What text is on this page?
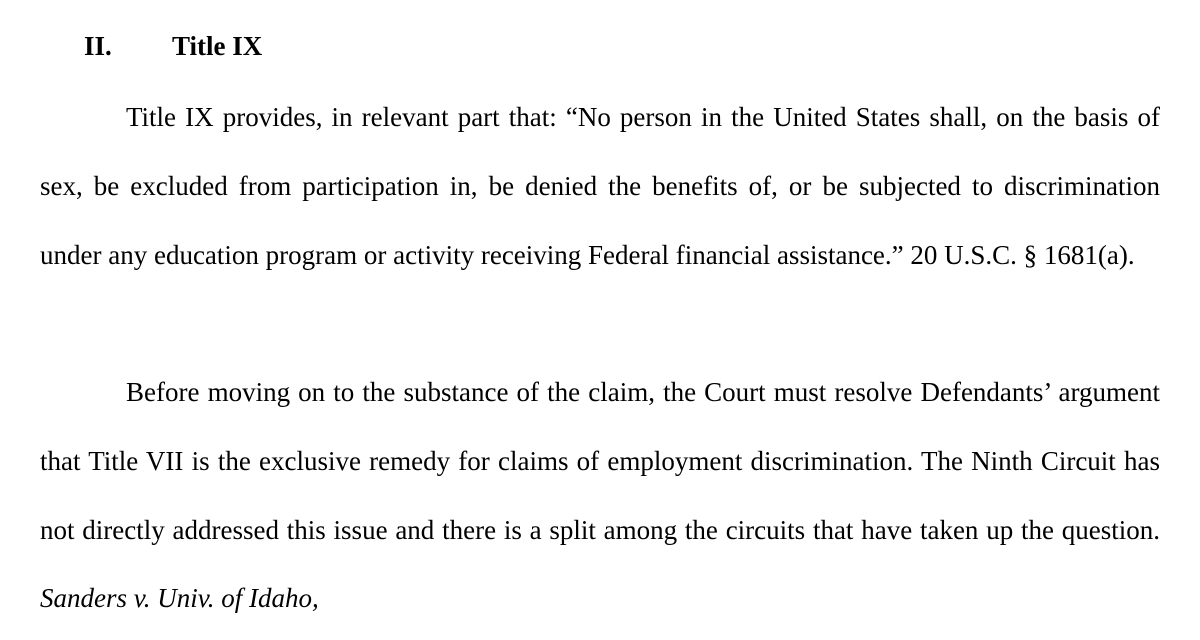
II. Title IX

Title IX provides, in relevant part that: “No person in the United States shall, on the basis of sex, be excluded from participation in, be denied the benefits of, or be subjected to discrimination under any education program or activity receiving Federal financial assistance.” 20 U.S.C. § 1681(a).

Before moving on to the substance of the claim, the Court must resolve Defendants’ argument that Title VII is the exclusive remedy for claims of employment discrimination. The Ninth Circuit has not directly addressed this issue and there is a split among the circuits that have taken up the question. Sanders v. Univ. of Idaho,
